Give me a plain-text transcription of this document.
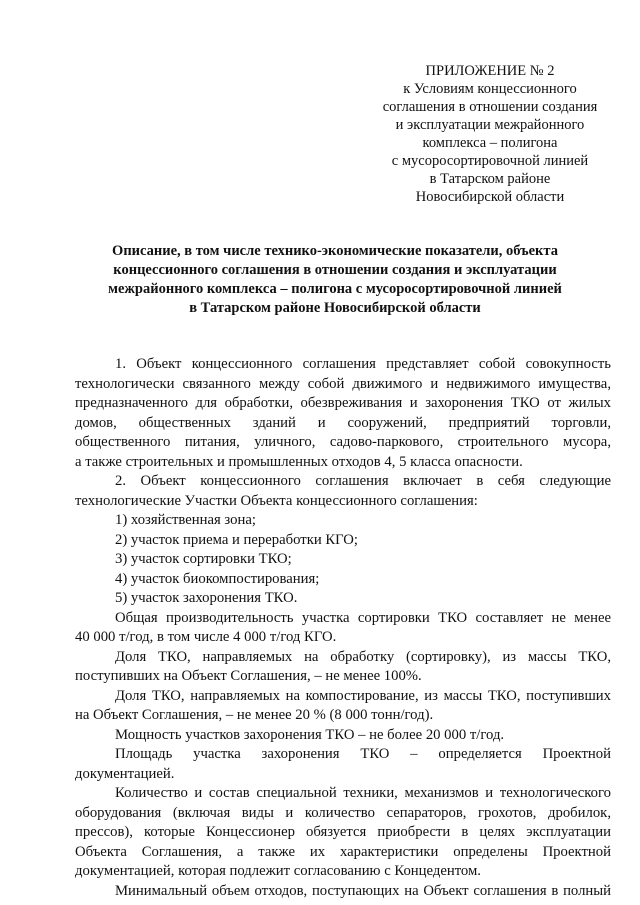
ПРИЛОЖЕНИЕ № 2
к Условиям концессионного
соглашения в отношении создания
и эксплуатации межрайонного
комплекса – полигона
с мусоросортировочной линией
в Татарском районе
Новосибирской области
Описание, в том числе технико-экономические показатели, объекта
концессионного соглашения в отношении создания и эксплуатации
межрайонного комплекса – полигона с мусоросортировочной линией
в Татарском районе Новосибирской области
1. Объект концессионного соглашения представляет собой совокупность
технологически связанного между собой движимого и недвижимого имущества,
предназначенного для обработки, обезвреживания и захоронения ТКО от жилых
домов, общественных зданий и сооружений, предприятий торговли,
общественного питания, уличного, садово-паркового, строительного мусора,
а также строительных и промышленных отходов 4, 5 класса опасности.
2. Объект концессионного соглашения включает в себя следующие
технологические Участки Объекта концессионного соглашения:
1) хозяйственная зона;
2) участок приема и переработки КГО;
3) участок сортировки ТКО;
4) участок биокомпостирования;
5) участок захоронения ТКО.
Общая производительность участка сортировки ТКО составляет не менее
40 000 т/год, в том числе 4 000 т/год КГО.
Доля ТКО, направляемых на обработку (сортировку), из массы ТКО,
поступивших на Объект Соглашения, – не менее 100%.
Доля ТКО, направляемых на компостирование, из массы ТКО, поступивших
на Объект Соглашения, – не менее 20 % (8 000 тонн/год).
Мощность участков захоронения ТКО – не более 20 000 т/год.
Площадь участка захоронения ТКО – определяется Проектной
документацией.
Количество и состав специальной техники, механизмов и технологического
оборудования (включая виды и количество сепараторов, грохотов, дробилок,
прессов), которые Концессионер обязуется приобрести в целях эксплуатации
Объекта Соглашения, а также их характеристики определены Проектной
документацией, которая подлежит согласованию с Концедентом.
Минимальный объем отходов, поступающих на Объект соглашения в полный
